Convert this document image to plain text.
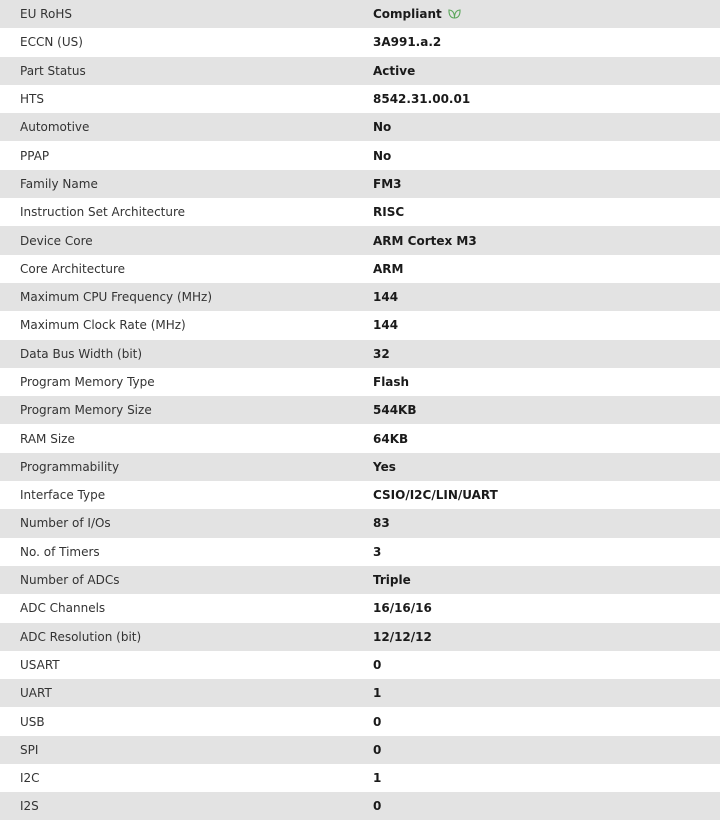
EU RoHS	Compliant
ECCN (US)	3A991.a.2
Part Status	Active
HTS	8542.31.00.01
Automotive	No
PPAP	No
Family Name	FM3
Instruction Set Architecture	RISC
Device Core	ARM Cortex M3
Core Architecture	ARM
Maximum CPU Frequency (MHz)	144
Maximum Clock Rate (MHz)	144
Data Bus Width (bit)	32
Program Memory Type	Flash
Program Memory Size	544KB
RAM Size	64KB
Programmability	Yes
Interface Type	CSIO/I2C/LIN/UART
Number of I/Os	83
No. of Timers	3
Number of ADCs	Triple
ADC Channels	16/16/16
ADC Resolution (bit)	12/12/12
USART	0
UART	1
USB	0
SPI	0
I2C	1
I2S	0
